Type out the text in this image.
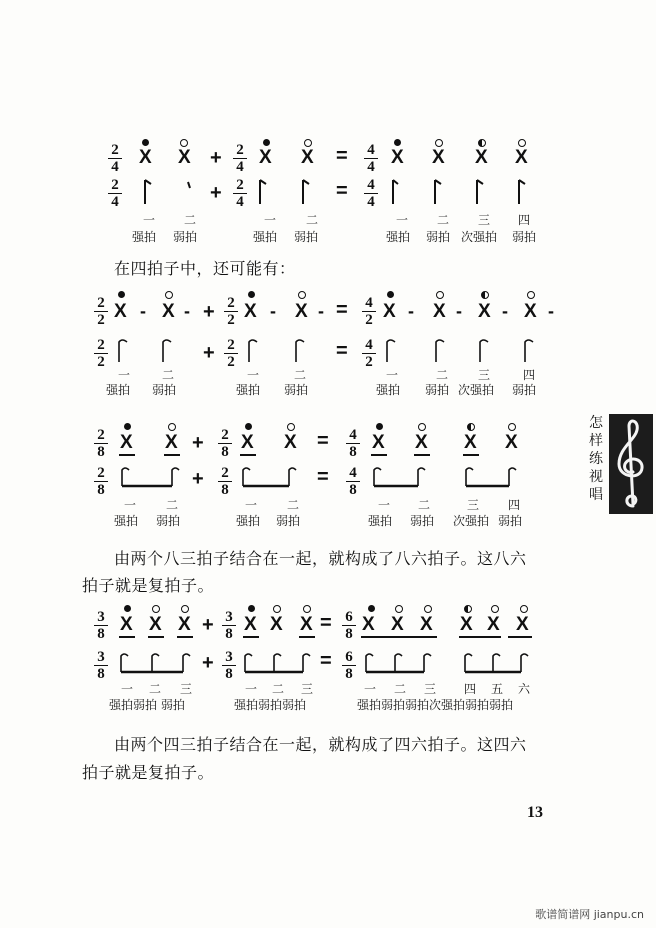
$\frac{2}{4}$ X $X + \frac{2}{4}$ X $X = \frac{4}{4}$ X X X X
$\frac{2}{4}$	+ $\frac{2}{4}$	= $\frac{4}{4}$
一 二	一 二	一 二 三 四
强拍 弱拍	强拍 弱拍	强拍 弱拍 次强拍 弱拍
在四拍子中，还可能有：
$\frac{2}{2}$ X - X - + $\frac{2}{2}$ X - X - = $\frac{4}{2}$ X - X - X - X -
$\frac{2}{2}$	+ $\frac{2}{2}$	= $\frac{4}{2}$
一	二	一	二	一	二 三	四
强拍 弱拍	强拍 弱拍	强拍 弱拍 次强拍 弱拍
$\frac{2}{8}$ X $X + \frac{2}{8}$ X $X = \frac{4}{8}$ X X X X
$\frac{2}{8}$	+ $\frac{2}{8}$	= $\frac{4}{8}$
一 二	一 二	一 二	三 四
强拍 弱拍	强拍 弱拍	强拍 弱拍 次强拍 弱拍
由两个八三拍子结合在一起，就构成了八六拍子。这八六
拍子就是复拍子。
$\frac{3}{8}$ X X $X + \frac{3}{8}$ X X $X = \frac{6}{8}$ X X X X X X
$\frac{3}{8}$	+ $\frac{3}{8}$	= $\frac{6}{8}$
一 二 三	一 二 三	一 二 三 四 五 六
强拍弱拍 弱拍	强拍弱拍弱拍	强拍弱拍弱拍次强拍弱拍弱拍
由两个四三拍子结合在一起，就构成了四六拍子。这四六
拍子就是复拍子。
怎
样
练
视
唱
13
歌谱简谱网 jianpu.cn
